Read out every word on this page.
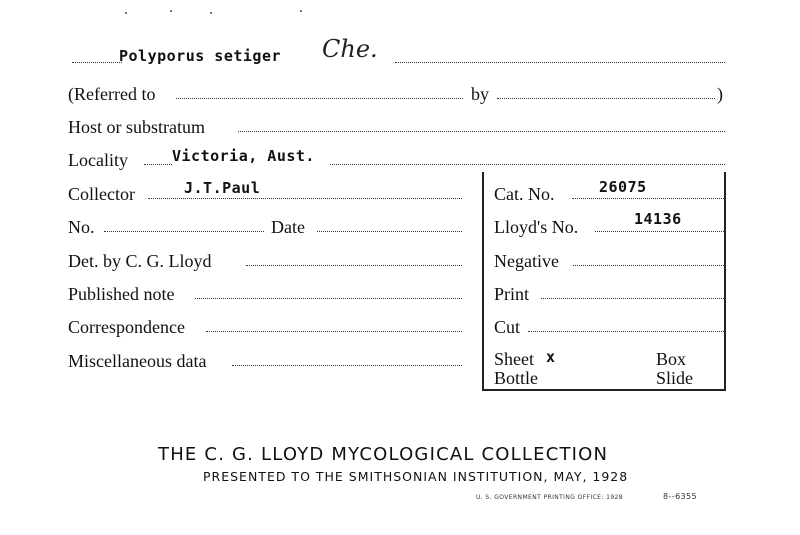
Polyporus setiger Che.
(Referred to	by	)
Host or substratum
Locality	Victoria, Aust.
Collector	J.T.Paul	Cat. No.	26075
No.	Date	Lloyd's No.	14136
Det. by C. G. Lloyd	Negative
Published note	Print
Correspondence	Cut
Miscellaneous data	Sheet x	Box
Bottle	Slide
THE C. G. LLOYD MYCOLOGICAL COLLECTION
PRESENTED TO THE SMITHSONIAN INSTITUTION, MAY, 1928
U. S. GOVERNMENT PRINTING OFFICE: 1928	8--6355
